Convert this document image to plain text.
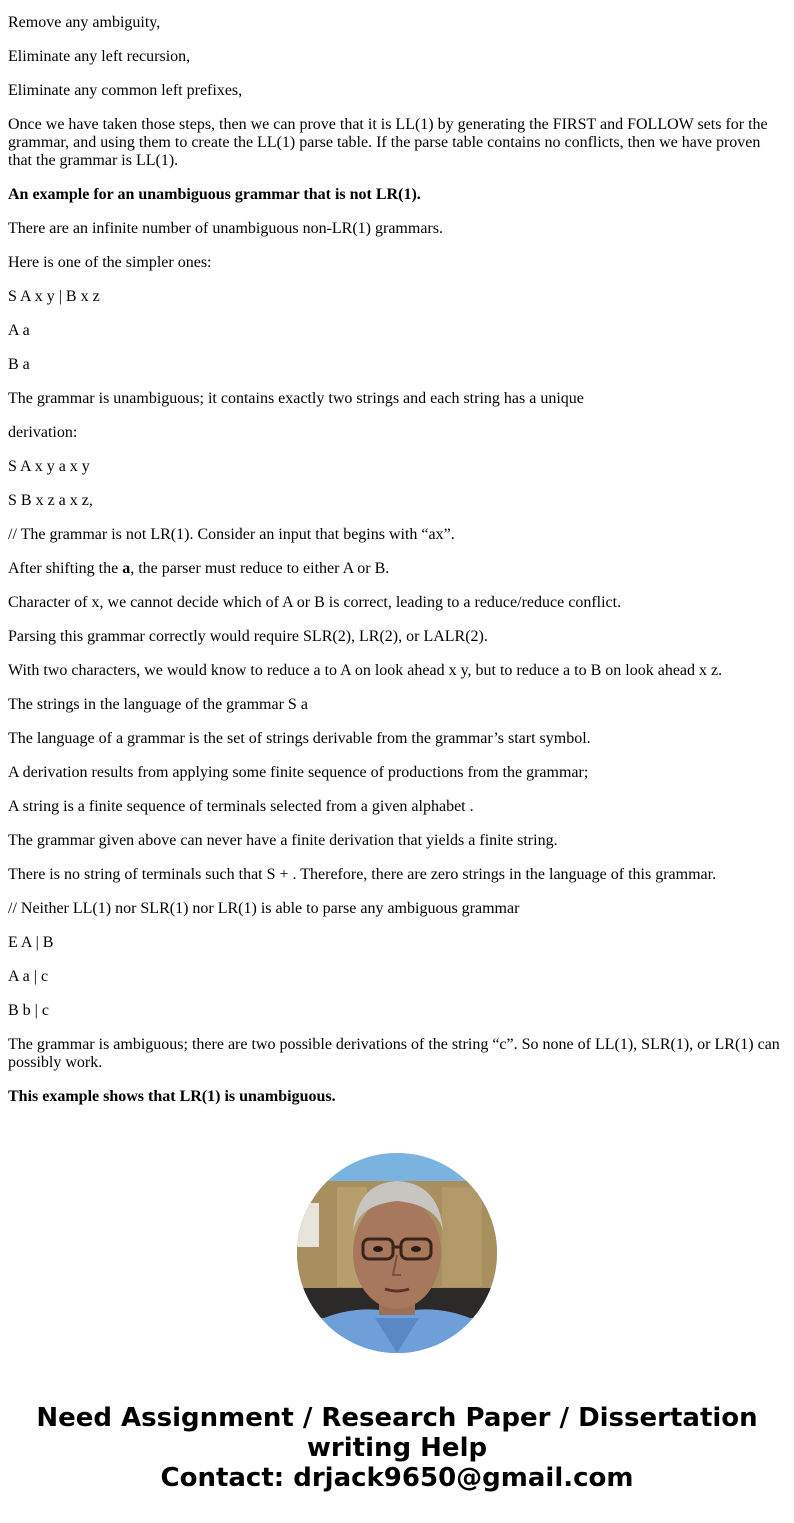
Remove any ambiguity,

Eliminate any left recursion,

Eliminate any common left prefixes,

Once we have taken those steps, then we can prove that it is LL(1) by generating the FIRST and FOLLOW sets for the grammar, and using them to create the LL(1) parse table. If the parse table contains no conflicts, then we have proven that the grammar is LL(1).

An example for an unambiguous grammar that is not LR(1).

There are an infinite number of unambiguous non-LR(1) grammars.

Here is one of the simpler ones:

S A x y | B x z

A a

B a

The grammar is unambiguous; it contains exactly two strings and each string has a unique

derivation:

S A x y a x y

S B x z a x z,

// The grammar is not LR(1). Consider an input that begins with “ax”.

After shifting the a, the parser must reduce to either A or B.

Character of x, we cannot decide which of A or B is correct, leading to a reduce/reduce conflict.

Parsing this grammar correctly would require SLR(2), LR(2), or LALR(2).

With two characters, we would know to reduce a to A on look ahead x y, but to reduce a to B on look ahead x z.

The strings in the language of the grammar S a

The language of a grammar is the set of strings derivable from the grammar’s start symbol.

A derivation results from applying some finite sequence of productions from the grammar;

A string is a finite sequence of terminals selected from a given alphabet .

The grammar given above can never have a finite derivation that yields a finite string.

There is no string of terminals such that S + . Therefore, there are zero strings in the language of this grammar.

// Neither LL(1) nor SLR(1) nor LR(1) is able to parse any ambiguous grammar

E A | B

A a | c

B b | c

The grammar is ambiguous; there are two possible derivations of the string “c”. So none of LL(1), SLR(1), or LR(1) can possibly work.

This example shows that LR(1) is unambiguous.

Need Assignment / Research Paper / Dissertation
writing Help
Contact: drjack9650@gmail.com
